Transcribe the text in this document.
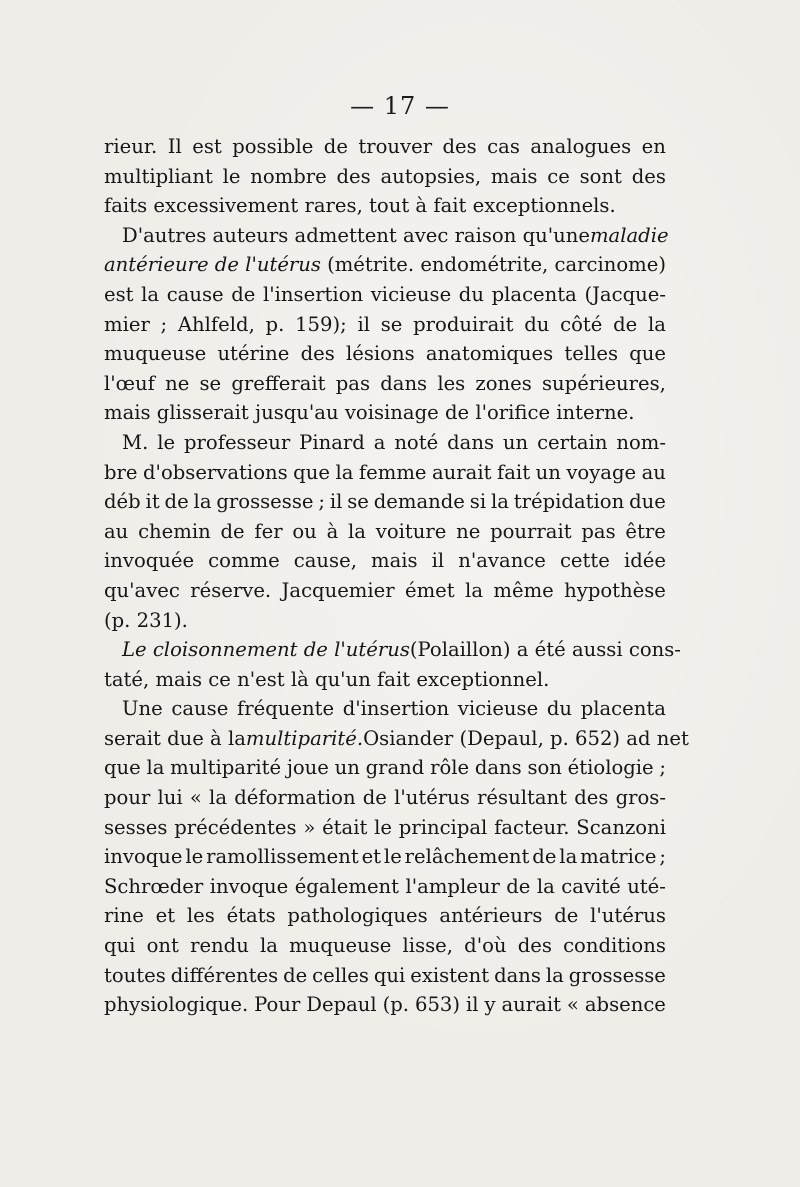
— 17 —
rieur. Il est possible de trouver des cas analogues en
multipliant le nombre des autopsies, mais ce sont des
faits excessivement rares, tout à fait exceptionnels.
D'autres auteurs admettent avec raison qu'une maladie
antérieure de l'utérus (métrite. endométrite, carcinome)
est la cause de l'insertion vicieuse du placenta (Jacque-
mier ; Ahlfeld, p. 159); il se produirait du côté de la
muqueuse utérine des lésions anatomiques telles que
l'œuf ne se grefferait pas dans les zones supérieures,
mais glisserait jusqu'au voisinage de l'orifice interne.
M. le professeur Pinard a noté dans un certain nom-
bre d'observations que la femme aurait fait un voyage au
déb it de la grossesse ; il se demande si la trépidation due
au chemin de fer ou à la voiture ne pourrait pas être
invoquée comme cause, mais il n'avance cette idée
qu'avec réserve. Jacquemier émet la même hypothèse
(p. 231).
Le cloisonnement de l'utérus (Polaillon) a été aussi cons-
taté, mais ce n'est là qu'un fait exceptionnel.
Une cause fréquente d'insertion vicieuse du placenta
serait due à la multiparité. Osiander (Depaul, p. 652) ad net
que la multiparité joue un grand rôle dans son étiologie ;
pour lui « la déformation de l'utérus résultant des gros-
sesses précédentes » était le principal facteur. Scanzoni
invoque le ramollissement et le relâchement de la matrice ;
Schrœder invoque également l'ampleur de la cavité uté-
rine et les états pathologiques antérieurs de l'utérus
qui ont rendu la muqueuse lisse, d'où des conditions
toutes différentes de celles qui existent dans la grossesse
physiologique. Pour Depaul (p. 653) il y aurait « absence
